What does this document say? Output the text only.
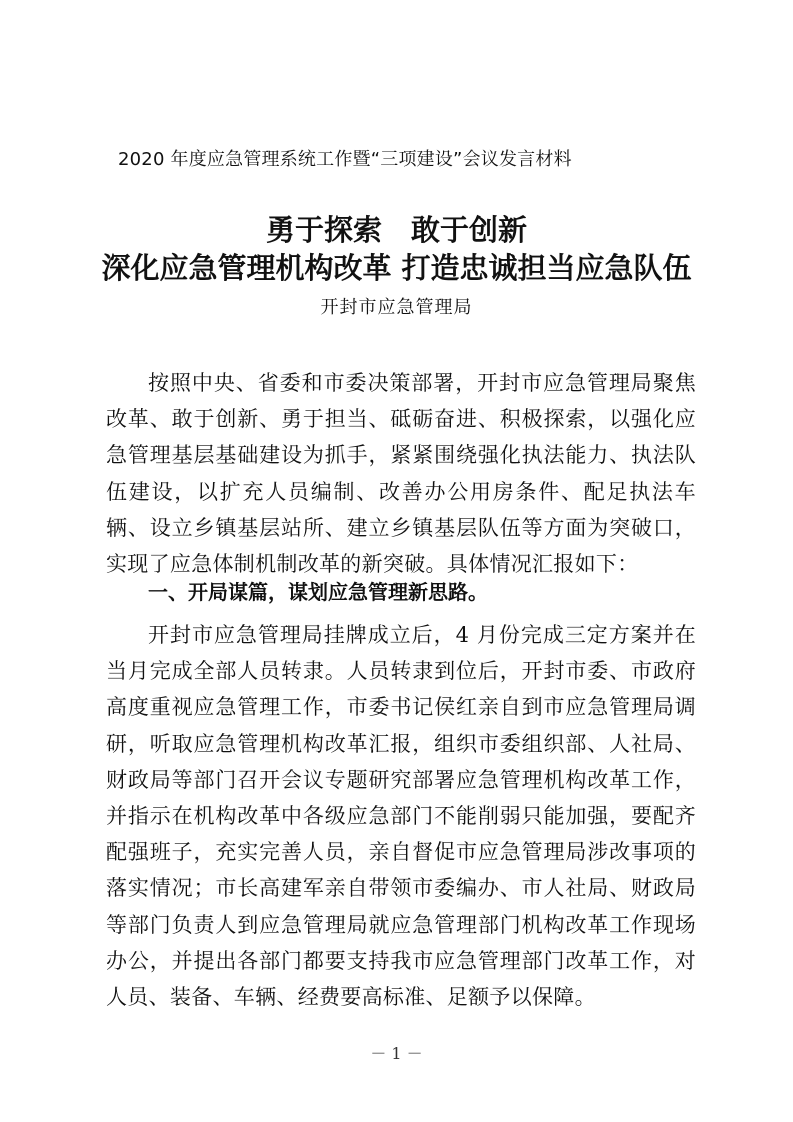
2020 年度应急管理系统工作暨“三项建设”会议发言材料
勇于探索　敢于创新
深化应急管理机构改革 打造忠诚担当应急队伍
开封市应急管理局

按照中央、省委和市委决策部署，开封市应急管理局聚焦改革、敢于创新、勇于担当、砥砺奋进、积极探索，以强化应急管理基层基础建设为抓手，紧紧围绕强化执法能力、执法队伍建设，以扩充人员编制、改善办公用房条件、配足执法车辆、设立乡镇基层站所、建立乡镇基层队伍等方面为突破口，实现了应急体制机制改革的新突破。具体情况汇报如下：

一、开局谋篇，谋划应急管理新思路。

开封市应急管理局挂牌成立后，4 月份完成三定方案并在当月完成全部人员转隶。人员转隶到位后，开封市委、市政府高度重视应急管理工作，市委书记侯红亲自到市应急管理局调研，听取应急管理机构改革汇报，组织市委组织部、人社局、财政局等部门召开会议专题研究部署应急管理机构改革工作，并指示在机构改革中各级应急部门不能削弱只能加强，要配齐配强班子，充实完善人员，亲自督促市应急管理局涉改事项的落实情况；市长高建军亲自带领市委编办、市人社局、财政局等部门负责人到应急管理局就应急管理部门机构改革工作现场办公，并提出各部门都要支持我市应急管理部门改革工作，对人员、装备、车辆、经费要高标准、足额予以保障。

－ 1 －
